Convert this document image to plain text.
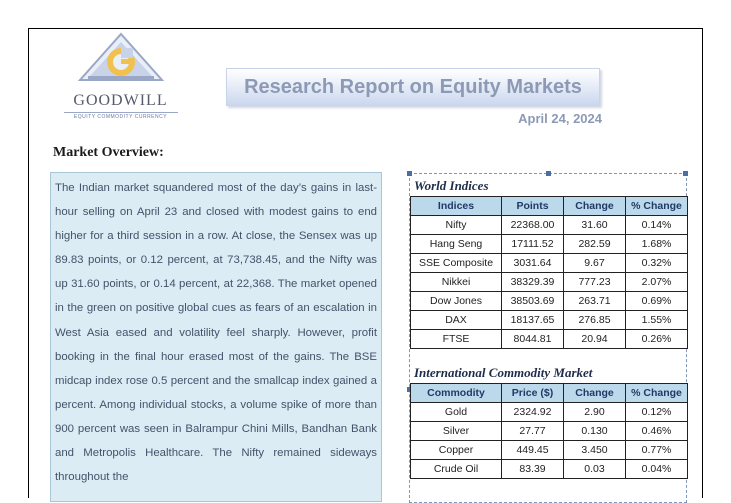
GOODWILL
EQUITY COMMODITY CURRENCY
Research Report on Equity Markets
April 24, 2024
Market Overview:

The Indian market squandered most of the day’s gains in last-hour selling on April 23 and closed with modest gains to end higher for a third session in a row. At close, the Sensex was up 89.83 points, or 0.12 percent, at 73,738.45, and the Nifty was up 31.60 points, or 0.14 percent, at 22,368. The market opened in the green on positive global cues as fears of an escalation in West Asia eased and volatility feel sharply. However, profit booking in the final hour erased most of the gains. The BSE midcap index rose 0.5 percent and the smallcap index gained a percent. Among individual stocks, a volume spike of more than 900 percent was seen in Balrampur Chini Mills, Bandhan Bank and Metropolis Healthcare. The Nifty remained sideways throughout the

World Indices
Indices	Points	Change	% Change
Nifty	22368.00	31.60	0.14%
Hang Seng	17111.52	282.59	1.68%
SSE Composite	3031.64	9.67	0.32%
Nikkei	38329.39	777.23	2.07%
Dow Jones	38503.69	263.71	0.69%
DAX	18137.65	276.85	1.55%
FTSE	8044.81	20.94	0.26%
International Commodity Market
Commodity	Price ($)	Change	% Change
Gold	2324.92	2.90	0.12%
Silver	27.77	0.130	0.46%
Copper	449.45	3.450	0.77%
Crude Oil	83.39	0.03	0.04%
